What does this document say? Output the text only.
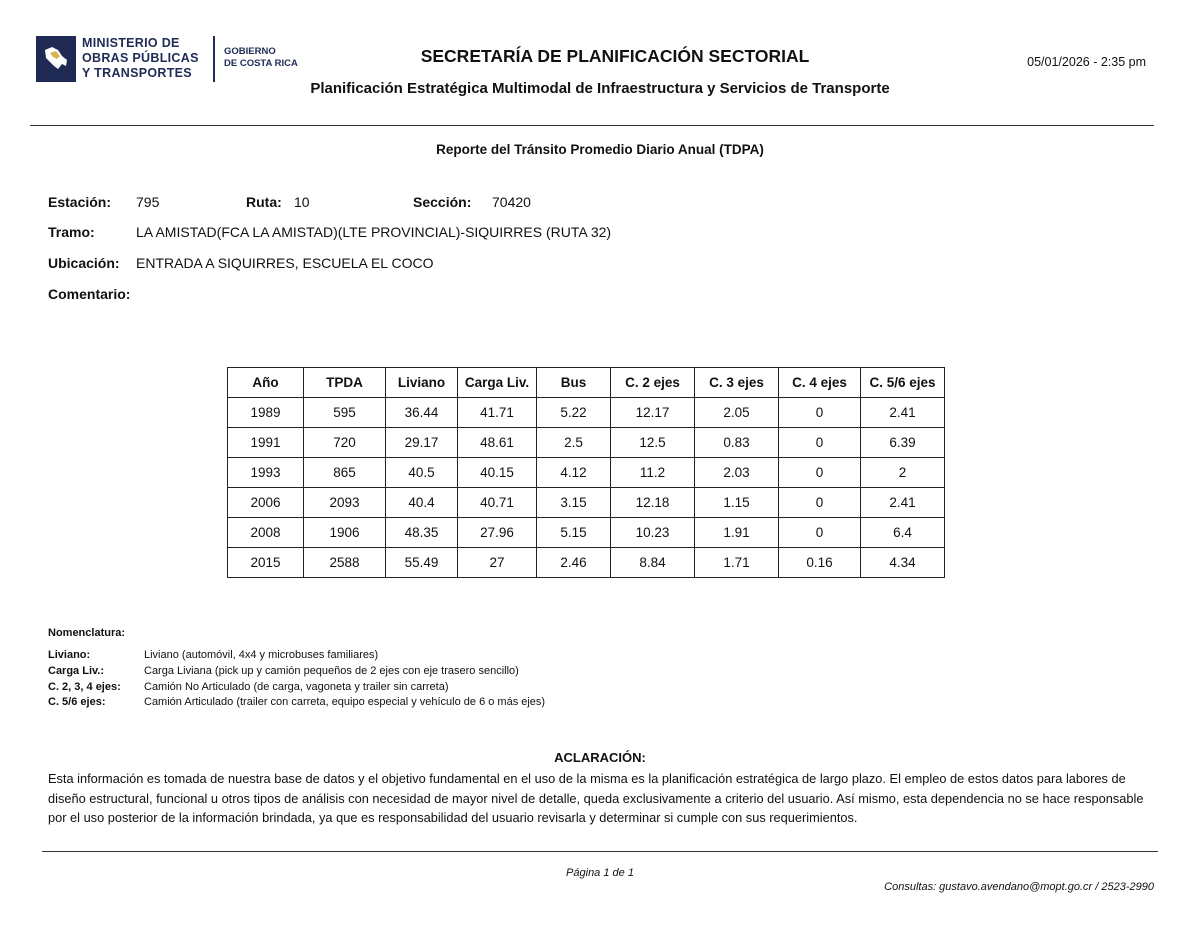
MINISTERIO DE
OBRAS PÚBLICAS
Y TRANSPORTES
GOBIERNO
DE COSTA RICA	SECRETARÍA DE PLANIFICACIÓN SECTORIAL
Planificación Estratégica Multimodal de Infraestructura y Servicios de Transporte
05/01/2026 - 2:35 pm
Reporte del Tránsito Promedio Diario Anual (TDPA)
Estación: 795	Ruta: 10	Sección: 70420
Tramo:	LA AMISTAD(FCA LA AMISTAD)(LTE PROVINCIAL)-SIQUIRRES (RUTA 32)
Ubicación: ENTRADA A SIQUIRRES, ESCUELA EL COCO
Comentario:
Año	TPDA	Liviano	Carga Liv.	Bus	C. 2 ejes	C. 3 ejes	C. 4 ejes	C. 5/6 ejes
1989	595	36.44	41.71	5.22	12.17	2.05	0	2.41
1991	720	29.17	48.61	2.5	12.5	0.83	0	6.39
1993	865	40.5	40.15	4.12	11.2	2.03	0	2
2006	2093	40.4	40.71	3.15	12.18	1.15	0	2.41
2008	1906	48.35	27.96	5.15	10.23	1.91	0	6.4
2015	2588	55.49	27	2.46	8.84	1.71	0.16	4.34
Nomenclatura:
Liviano:	Liviano (automóvil, 4x4 y microbuses familiares)
Carga Liv.:	Carga Liviana (pick up y camión pequeños de 2 ejes con eje trasero sencillo)
C. 2, 3, 4 ejes:	Camión No Articulado (de carga, vagoneta y trailer sin carreta)
C. 5/6 ejes:	Camión Articulado (trailer con carreta, equipo especial y vehículo de 6 o más ejes)
ACLARACIÓN:
Esta información es tomada de nuestra base de datos y el objetivo fundamental en el uso de la misma es la planificación estratégica de largo plazo. El empleo de estos datos para labores de diseño estructural, funcional u otros tipos de análisis con necesidad de mayor nivel de detalle, queda exclusivamente a criterio del usuario. Así mismo, esta dependencia no se hace responsable por el uso posterior de la información brindada, ya que es responsabilidad del usuario revisarla y determinar si cumple con sus requerimientos.
Página 1 de 1
Consultas: gustavo.avendano@mopt.go.cr / 2523-2990
